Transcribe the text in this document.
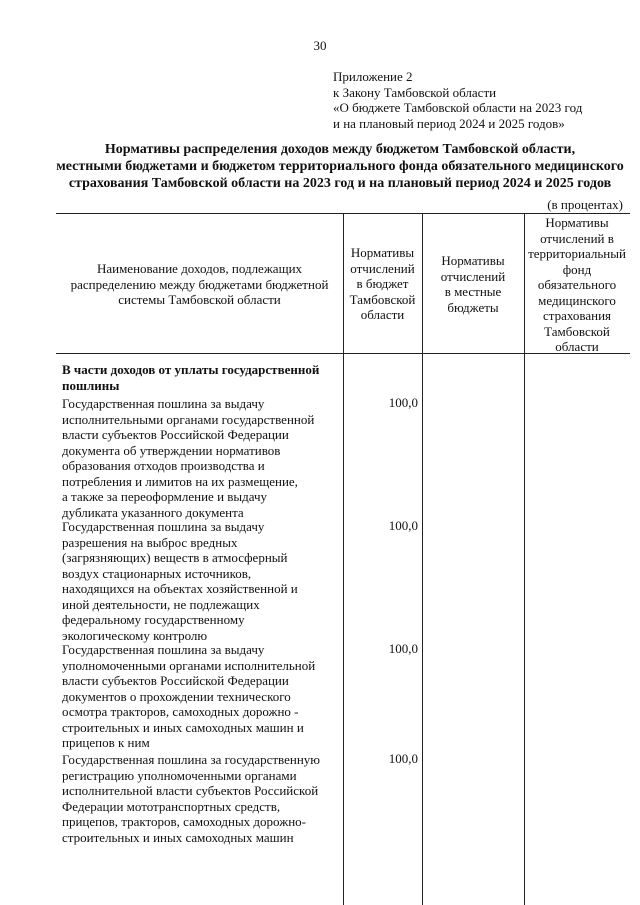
30
Приложение 2
к Закону Тамбовской области
«О бюджете Тамбовской области на 2023 год
и на плановый период 2024 и 2025 годов»
Нормативы распределения доходов между бюджетом Тамбовской области,
местными бюджетами и бюджетом территориального фонда обязательного медицинского
страхования Тамбовской области на 2023 год и на плановый период 2024 и 2025 годов
(в процентах)
Наименование доходов, подлежащих
распределению между бюджетами бюджетной
системы Тамбовской области
Нормативы
отчислений
в бюджет
Тамбовской
области
Нормативы
отчислений
в местные
бюджеты
Нормативы
отчислений в
территориальный
фонд
обязательного
медицинского
страхования
Тамбовской
области
В части доходов от уплаты государственной
пошлины
Государственная пошлина за выдачу
исполнительными органами государственной
власти субъектов Российской Федерации
документа об утверждении нормативов
образования отходов производства и
потребления и лимитов на их размещение,
а также за переоформление и выдачу
дубликата указанного документа
100,0
Государственная пошлина за выдачу
разрешения на выброс вредных
(загрязняющих) веществ в атмосферный
воздух стационарных источников,
находящихся на объектах хозяйственной и
иной деятельности, не подлежащих
федеральному государственному
экологическому контролю
100,0
Государственная пошлина за выдачу
уполномоченными органами исполнительной
власти субъектов Российской Федерации
документов о прохождении технического
осмотра тракторов, самоходных дорожно -
строительных и иных самоходных машин и
прицепов к ним
100,0
Государственная пошлина за государственную
регистрацию уполномоченными органами
исполнительной власти субъектов Российской
Федерации мототранспортных средств,
прицепов, тракторов, самоходных дорожно-
строительных и иных самоходных машин
100,0
